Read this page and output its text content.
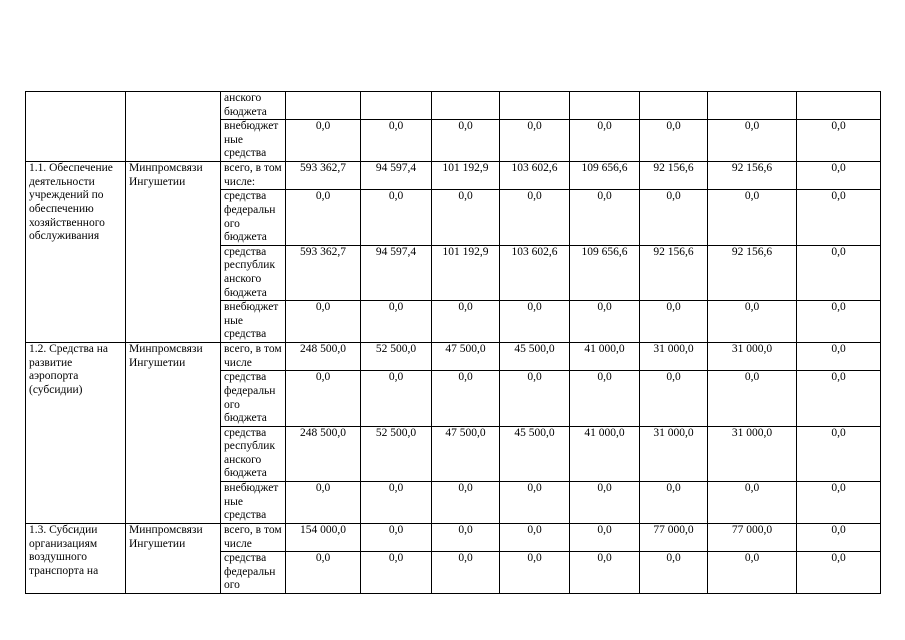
		анского бюджета								
		внебюджет ные средства	0,0	0,0	0,0	0,0	0,0	0,0	0,0	0,0
1.1. Обеспечение деятельности учреждений по обеспечению хозяйственного обслуживания	Минпромсвязи Ингушетии	всего, в том числе:	593 362,7	94 597,4	101 192,9	103 602,6	109 656,6	92 156,6	92 156,6	0,0
		средства федеральн ого бюджета	0,0	0,0	0,0	0,0	0,0	0,0	0,0	0,0
		средства республик анского бюджета	593 362,7	94 597,4	101 192,9	103 602,6	109 656,6	92 156,6	92 156,6	0,0
		внебюджет ные средства	0,0	0,0	0,0	0,0	0,0	0,0	0,0	0,0
1.2. Средства на развитие аэропорта (субсидии)	Минпромсвязи Ингушетии	всего, в том числе	248 500,0	52 500,0	47 500,0	45 500,0	41 000,0	31 000,0	31 000,0	0,0
		средства федеральн ого бюджета	0,0	0,0	0,0	0,0	0,0	0,0	0,0	0,0
		средства республик анского бюджета	248 500,0	52 500,0	47 500,0	45 500,0	41 000,0	31 000,0	31 000,0	0,0
		внебюджет ные средства	0,0	0,0	0,0	0,0	0,0	0,0	0,0	0,0
1.3. Субсидии организациям воздушного транспорта на	Минпромсвязи Ингушетии	всего, в том числе	154 000,0	0,0	0,0	0,0	0,0	77 000,0	77 000,0	0,0
		средства федеральн ого	0,0	0,0	0,0	0,0	0,0	0,0	0,0	0,0
